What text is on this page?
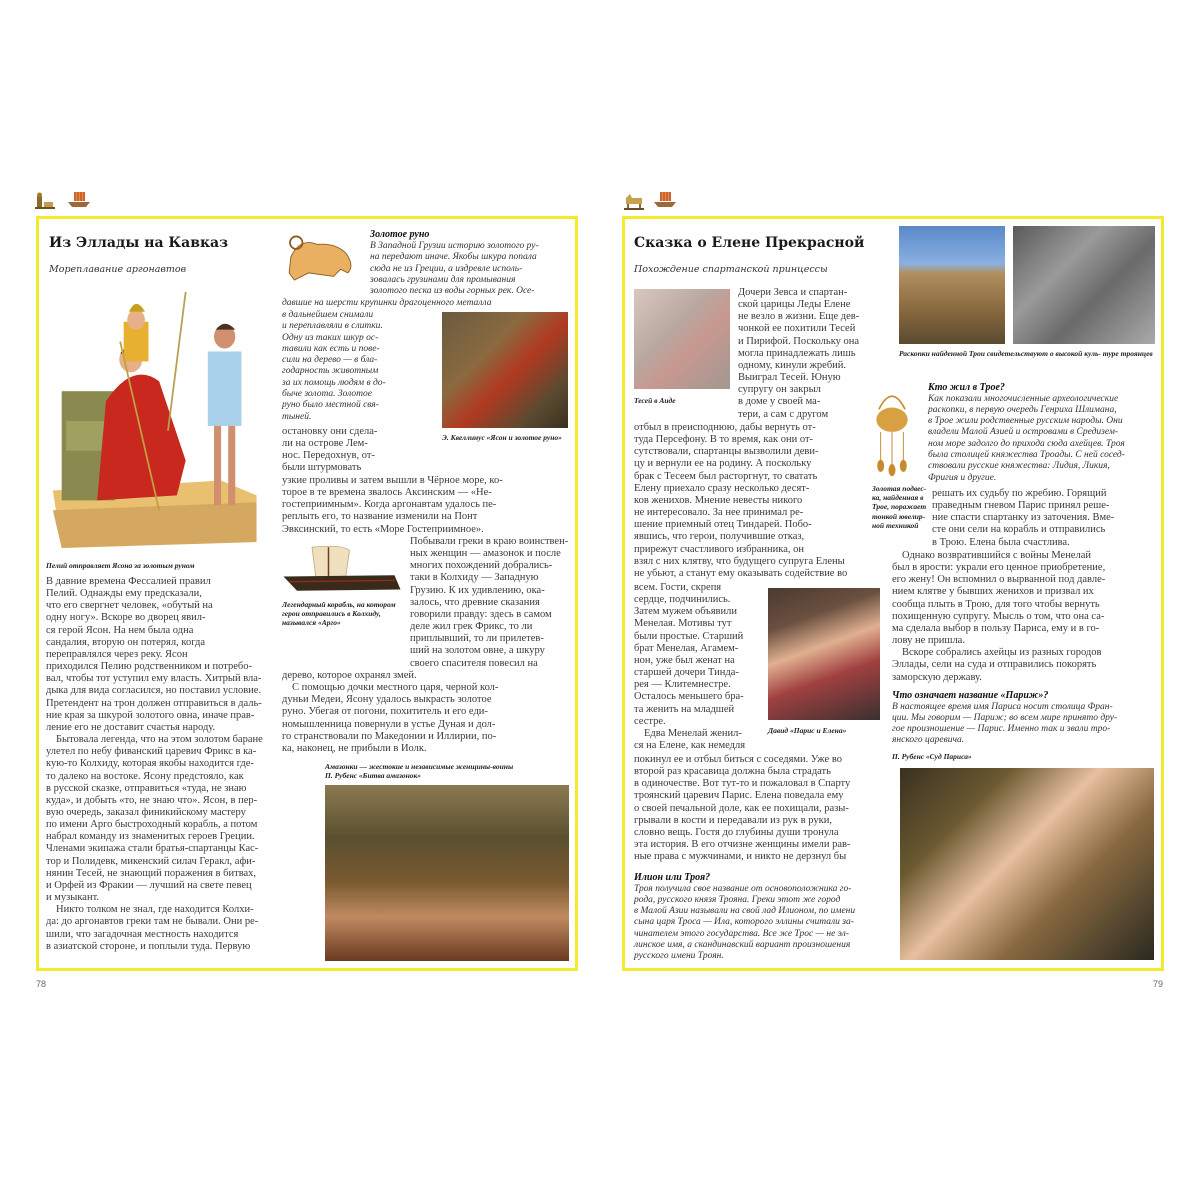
Из Эллады на Кавказ
Мореплавание аргонавтов
Пелий отправляет Ясона за золотым руном
Золотое руно
В Западной Грузии историю золотого ру-
на передают иначе. Якобы шкура попала
сюда не из Греции, а издревле исполь-
зовалась грузинами для промывания
золотого песка из воды горных рек. Осе-
давшие на шерсти крупинки драгоценного металла
в дальнейшем снимали
и переплавляли в слитки.
Одну из таких шкур ос-
тавили как есть и пове-
сили на дерево — в бла-
годарность животным
за их помощь людям в до-
быче золота. Золотое
руно было местной свя-
тыней.
Э. Квеллинус «Ясон и золотое руно»

остановку они сдела-

ли на острове Лем-

нос. Передохнув, от-

были штурмовать

узкие проливы и затем вышли в Чёрное море, ко-

торое в те времена звалось Аксинским — «Не-

гостеприимным». Когда аргонавтам удалось пе-

реплыть его, то название изменили на Понт

Эвксинский, то есть «Море Гостеприимное».

Побывали греки в краю воинствен-

ных женщин — амазонок и после

многих похождений добрались-

таки в Колхиду — Западную

Грузию. К их удивлению, ока-

залось, что древние сказания

говорили правду: здесь в самом

деле жил грек Фрикс, то ли

приплывший, то ли прилетев-

ший на золотом овне, а шкуру

своего спасителя повесил на

дерево, которое охранял змей.

С помощью дочки местного царя, черной кол-

дуньи Медеи, Ясону удалось выкрасть золотое

руно. Убегая от погони, похититель и его еди-

номышленница повернули в устье Дуная и дол-

го странствовали по Македонии и Иллирии, по-

ка, наконец, не прибыли в Иолк.

Легендарный корабль, на котором герои отправились в Колхиду, назывался «Арго»

В давние времена Фессалией правил

Пелий. Однажды ему предсказали,

что его свергнет человек, «обутый на

одну ногу». Вскоре во дворец явил-

ся герой Ясон. На нем была одна

сандалия, вторую он потерял, когда

переправлялся через реку. Ясон

приходился Пелию родственником и потребо-

вал, чтобы тот уступил ему власть. Хитрый вла-

дыка для вида согласился, но поставил условие.

Претендент на трон должен отправиться в даль-

ние края за шкурой золотого овна, иначе прав-

ление его не доставит счастья народу.

Бытовала легенда, что на этом золотом баране

улетел по небу фиванский царевич Фрикс в ка-

кую-то Колхиду, которая якобы находится где-

то далеко на востоке. Ясону предстояло, как

в русской сказке, отправиться «туда, не знаю

куда», и добыть «то, не знаю что». Ясон, в пер-

вую очередь, заказал финикийскому мастеру

по имени Арго быстроходный корабль, а потом

набрал команду из знаменитых героев Греции.

Членами экипажа стали братья-спартанцы Кас-

тор и Полидевк, микенский силач Геракл, афи-

нянин Тесей, не знающий поражения в битвах,

и Орфей из Фракии — лучший на свете певец

и музыкант.

Никто толком не знал, где находится Колхи-

да: до аргонавтов греки там не бывали. Они ре-

шили, что загадочная местность находится

в азиатской стороне, и поплыли туда. Первую

Амазонки — жестокие и независимые женщины-воины
П. Рубенс «Битва амазонок»
78
Сказка о Елене Прекрасной
Похождение спартанской принцессы
Раскопки найденной Трои свидетельствуют о высокой куль- туре троянцев
Тесей в Аиде

Дочери Зевса и спартан-

ской царицы Леды Елене

не везло в жизни. Еще дев-

чонкой ее похитили Тесей

и Пирифой. Поскольку она

могла принадлежать лишь

одному, кинули жребий.

Выиграл Тесей. Юную

супругу он закрыл

в доме у своей ма-

тери, а сам с другом

отбыл в преисподнюю, дабы вернуть от-

туда Персефону. В то время, как они от-

сутствовали, спартанцы вызволили деви-

цу и вернули ее на родину. А поскольку

брак с Тесеем был расторгнут, то сватать

Елену приехало сразу несколько десят-

ков женихов. Мнение невесты никого

не интересовало. За нее принимал ре-

шение приемный отец Тиндарей. Побо-

явшись, что герои, получившие отказ,

прирежут счастливого избранника, он

взял с них клятву, что будущего супруга Елены

не убьют, а станут ему оказывать содействие во

Золотая подвес- ка, найденная в Трое, поражает тонкой ювелир- ной техникой
Кто жил в Трое?
Как показали многочисленные археологические
раскопки, в первую очередь Генриха Шлимана,
в Трое жили родственные русским народы. Они
владели Малой Азией и островами в Средизем-
ном море задолго до прихода сюда ахейцев. Троя
была столицей княжества Троады. С ней сосед-
ствовали русские княжества: Лидия, Ликия,
Фригия и другие.

всем. Гости, скрепя

сердце, подчинились.

Затем мужем объявили

Менелая. Мотивы тут

были простые. Старший

брат Менелая, Агамем-

нон, уже был женат на

старшей дочери Тинда-

рея — Клитемнестре.

Осталось меньшего бра-

та женить на младшей

сестре.

Едва Менелай женил-

ся на Елене, как немедля

Давид «Парис и Елена»

покинул ее и отбыл биться с соседями. Уже во

второй раз красавица должна была страдать

в одиночестве. Вот тут-то и пожаловал в Спарту

троянский царевич Парис. Елена поведала ему

о своей печальной доле, как ее похищали, разы-

грывали в кости и передавали из рук в руки,

словно вещь. Гостя до глубины души тронула

эта история. В его отчизне женщины имели рав-

ные права с мужчинами, и никто не дерзнул бы

Илион или Троя?
Троя получила свое название от основоположника го-
рода, русского князя Трояна. Греки этот же город
в Малой Азии называли на свой лад Илионом, по имени
сына царя Троса — Ила, которого эллины считали за-
чинателем этого государства. Все же Трос — не эл-
линское имя, а скандинавский вариант произношения
русского имени Троян.

решать их судьбу по жребию. Горящий

праведным гневом Парис принял реше-

ние спасти спартанку из заточения. Вме-

сте они сели на корабль и отправились

в Трою. Елена была счастлива.

Однако возвратившийся с войны Менелай

был в ярости: украли его ценное приобретение,

его жену! Он вспомнил о вырванной под давле-

нием клятве у бывших женихов и призвал их

сообща плыть в Трою, для того чтобы вернуть

похищенную супругу. Мысль о том, что она са-

ма сделала выбор в пользу Париса, ему и в го-

лову не пришла.

Вскоре собрались ахейцы из разных городов

Эллады, сели на суда и отправились покорять

заморскую державу.

Что означает название «Париж»?
В настоящее время имя Париса носит столица Фран-
ции. Мы говорим — Париж; во всем мире принято дру-
гое произношение — Парис. Именно так и звали тро-
янского царевича.
П. Рубенс «Суд Париса»
79
